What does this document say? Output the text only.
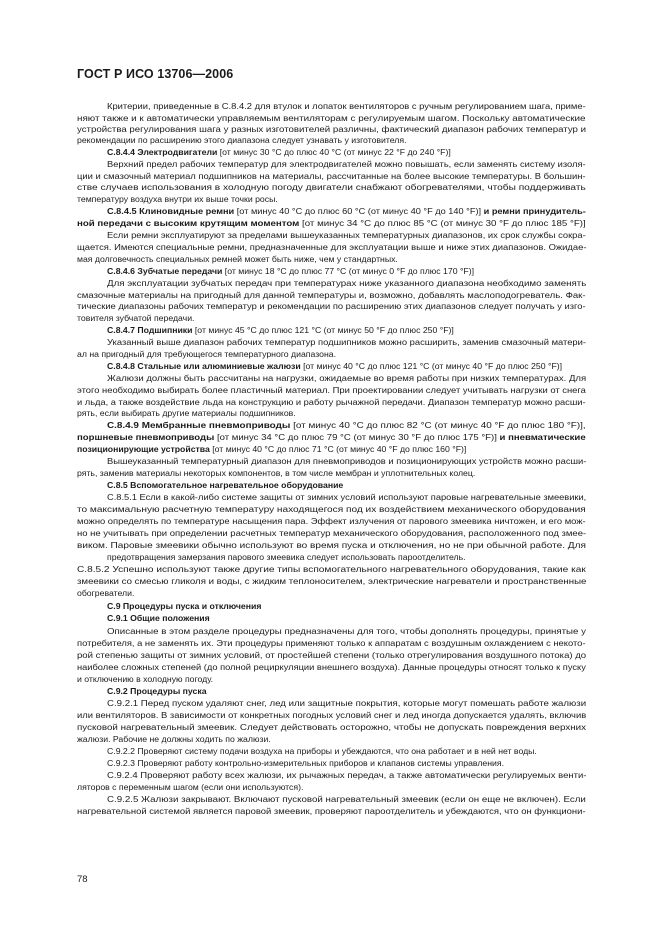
ГОСТ Р ИСО 13706—2006
Критерии, приведенные в С.8.4.2 для втулок и лопаток вентиляторов с ручным регулированием шага, приме-
няют также и к автоматически управляемым вентиляторам с регулируемым шагом. Поскольку автоматические
устройства регулирования шага у разных изготовителей различны, фактический диапазон рабочих температур и
рекомендации по расширению этого диапазона следует узнавать у изготовителя.
С.8.4.4 Электродвигатели [от минус 30 °С до плюс 40 °С (от минус 22 °F до 240 °F)]
Верхний предел рабочих температур для электродвигателей можно повышать, если заменять систему изоля-
ции и смазочный материал подшипников на материалы, рассчитанные на более высокие температуры. В большин-
стве случаев использования в холодную погоду двигатели снабжают обогревателями, чтобы поддерживать
температуру воздуха внутри их выше точки росы.
С.8.4.5 Клиновидные ремни [от минус 40 °С до плюс 60 °С (от минус 40 °F до 140 °F)] и ремни принудитель-
ной передачи с высоким крутящим моментом [от минус 34 °С до плюс 85 °С (от минус 30 °F до плюс 185 °F)]
Если ремни эксплуатируют за пределами вышеуказанных температурных диапазонов, их срок службы сокра-
щается. Имеются специальные ремни, предназначенные для эксплуатации выше и ниже этих диапазонов. Ожидае-
мая долговечность специальных ремней может быть ниже, чем у стандартных.
С.8.4.6 Зубчатые передачи [от минус 18 °С до плюс 77 °С (от минус 0 °F до плюс 170 °F)]
Для эксплуатации зубчатых передач при температурах ниже указанного диапазона необходимо заменять
смазочные материалы на пригодный для данной температуры и, возможно, добавлять маслоподогреватель. Фак-
тические диапазоны рабочих температур и рекомендации по расширению этих диапазонов следует получать у изго-
товителя зубчатой передачи.
С.8.4.7 Подшипники [от минус 45 °С до плюс 121 °С (от минус 50 °F до плюс 250 °F)]
Указанный выше диапазон рабочих температур подшипников можно расширить, заменив смазочный матери-
ал на пригодный для требующегося температурного диапазона.
С.8.4.8 Стальные или алюминиевые жалюзи [от минус 40 °С до плюс 121 °С (от минус 40 °F до плюс 250 °F)]
Жалюзи должны быть рассчитаны на нагрузки, ожидаемые во время работы при низких температурах. Для
этого необходимо выбирать более пластичный материал. При проектировании следует учитывать нагрузки от снега
и льда, а также воздействие льда на конструкцию и работу рычажной передачи. Диапазон температур можно расши-
рять, если выбирать другие материалы подшипников.
С.8.4.9 Мембранные пневмоприводы [от минус 40 °С до плюс 82 °С (от минус 40 °F до плюс 180 °F)],
поршневые пневмоприводы [от минус 34 °С до плюс 79 °С (от минус 30 °F до плюс 175 °F)] и пневматические
позиционирующие устройства [от минус 40 °С до плюс 71 °С (от минус 40 °F до плюс 160 °F)]
Вышеуказанный температурный диапазон для пневмоприводов и позиционирующих устройств можно расши-
рять, заменив материалы некоторых компонентов, в том числе мембран и уплотнительных колец.
С.8.5 Вспомогательное нагревательное оборудование
С.8.5.1 Если в какой-либо системе защиты от зимних условий используют паровые нагревательные змеевики,
то максимальную расчетную температуру находящегося под их воздействием механического оборудования
можно определять по температуре насыщения пара. Эффект излучения от парового змеевика ничтожен, и его мож-
но не учитывать при определении расчетных температур механического оборудования, расположенного под змее-
виком. Паровые змеевики обычно используют во время пуска и отключения, но не при обычной работе. Для
предотвращения замерзания парового змеевика следует использовать пароотделитель.
С.8.5.2 Успешно используют также другие типы вспомогательного нагревательного оборудования, такие как
змеевики со смесью гликоля и воды, с жидким теплоносителем, электрические нагреватели и пространственные
обогреватели.
С.9 Процедуры пуска и отключения
С.9.1 Общие положения
Описанные в этом разделе процедуры предназначены для того, чтобы дополнять процедуры, принятые у
потребителя, а не заменять их. Эти процедуры применяют только к аппаратам с воздушным охлаждением с некото-
рой степенью защиты от зимних условий, от простейшей степени (только отрегулирования воздушного потока) до
наиболее сложных степеней (до полной рециркуляции внешнего воздуха). Данные процедуры относят только к пуску
и отключению в холодную погоду.
С.9.2 Процедуры пуска
С.9.2.1 Перед пуском удаляют снег, лед или защитные покрытия, которые могут помешать работе жалюзи
или вентиляторов. В зависимости от конкретных погодных условий снег и лед иногда допускается удалять, включив
пусковой нагревательный змеевик. Следует действовать осторожно, чтобы не допускать повреждения верхних
жалюзи. Рабочие не должны ходить по жалюзи.
С.9.2.2 Проверяют систему подачи воздуха на приборы и убеждаются, что она работает и в ней нет воды.
С.9.2.3 Проверяют работу контрольно-измерительных приборов и клапанов системы управления.
С.9.2.4 Проверяют работу всех жалюзи, их рычажных передач, а также автоматически регулируемых венти-
ляторов с переменным шагом (если они используются).
С.9.2.5 Жалюзи закрывают. Включают пусковой нагревательный змеевик (если он еще не включен). Если
нагревательной системой является паровой змеевик, проверяют пароотделитель и убеждаются, что он функциони-
78
